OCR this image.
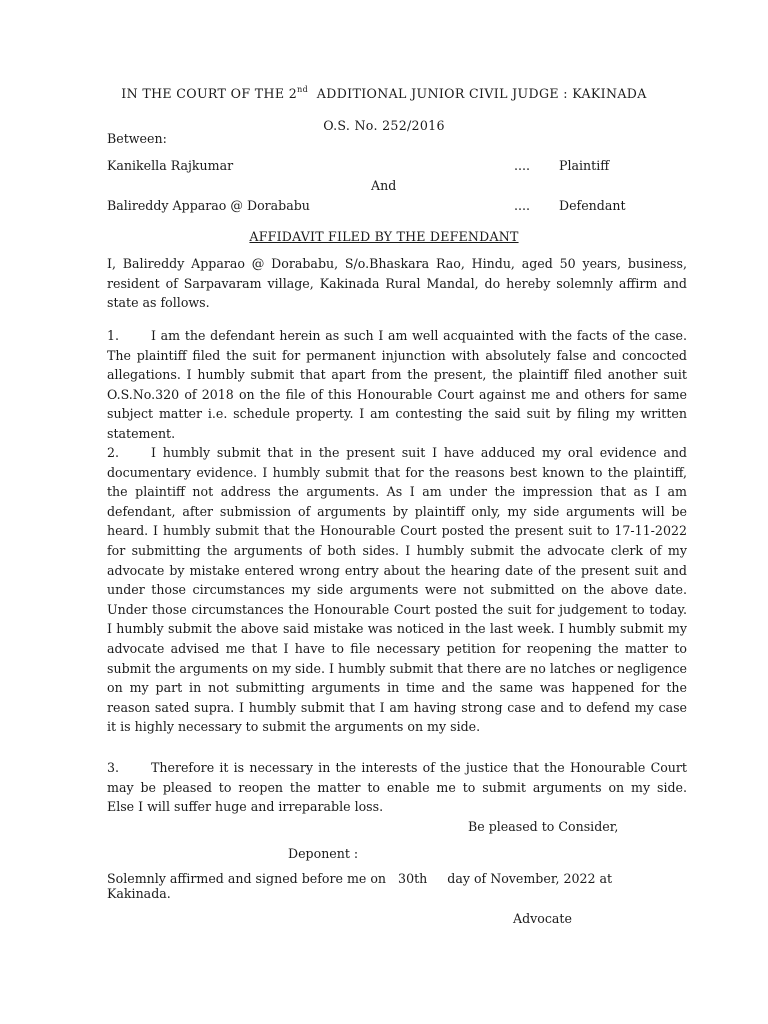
IN THE COURT OF THE 2nd  ADDITIONAL JUNIOR CIVIL JUDGE : KAKINADA
O.S. No. 252/2016
Between:
Kanikella Rajkumar	.... Plaintiff
And
Balireddy Apparao @ Dorababu	.... Defendant
AFFIDAVIT FILED BY THE DEFENDANT

I, Balireddy Apparao @ Dorababu, S/o.Bhaskara Rao, Hindu, aged 50 years, business, resident of Sarpavaram village, Kakinada Rural Mandal, do hereby solemnly affirm and state as follows.

1.	I am the defendant herein as such I am well acquainted with the facts of the case. The plaintiff filed the suit for permanent injunction with absolutely false and concocted allegations. I humbly submit that apart from the present, the plaintiff filed another suit O.S.No.320 of 2018 on the file of this Honourable Court against me and others for same subject matter i.e. schedule property. I am contesting the said suit by filing my written statement.

2.	I humbly submit that in the present suit I have adduced my oral evidence and documentary evidence. I humbly submit that for the reasons best known to the plaintiff, the plaintiff not address the arguments. As I am under the impression that as I am defendant, after submission of arguments by plaintiff only, my side arguments will be heard. I humbly submit that the Honourable Court posted the present suit to 17-11-2022 for submitting the arguments of both sides. I humbly submit the advocate clerk of my advocate by mistake entered wrong entry about the hearing date of the present suit and under those circumstances my side arguments were not submitted on the above date. Under those circumstances the Honourable Court posted the suit for judgement to today. I humbly submit the above said mistake was noticed in the last week. I humbly submit my advocate advised me that I have to file necessary petition for reopening the matter to submit the arguments on my side. I humbly submit that there are no latches or negligence on my part in not submitting arguments in time and the same was happened for the reason sated supra. I humbly submit that I am having strong case and to defend my case it is highly necessary to submit the arguments on my side.

3.	Therefore it is necessary in the interests of the justice that the Honourable Court may be pleased to reopen the matter to enable me to submit arguments on my side.     Else I will suffer huge and irreparable loss.

Be pleased to Consider,
Deponent :
Solemnly affirmed and signed before me on   30th     day of November, 2022 at
Kakinada.
Advocate
